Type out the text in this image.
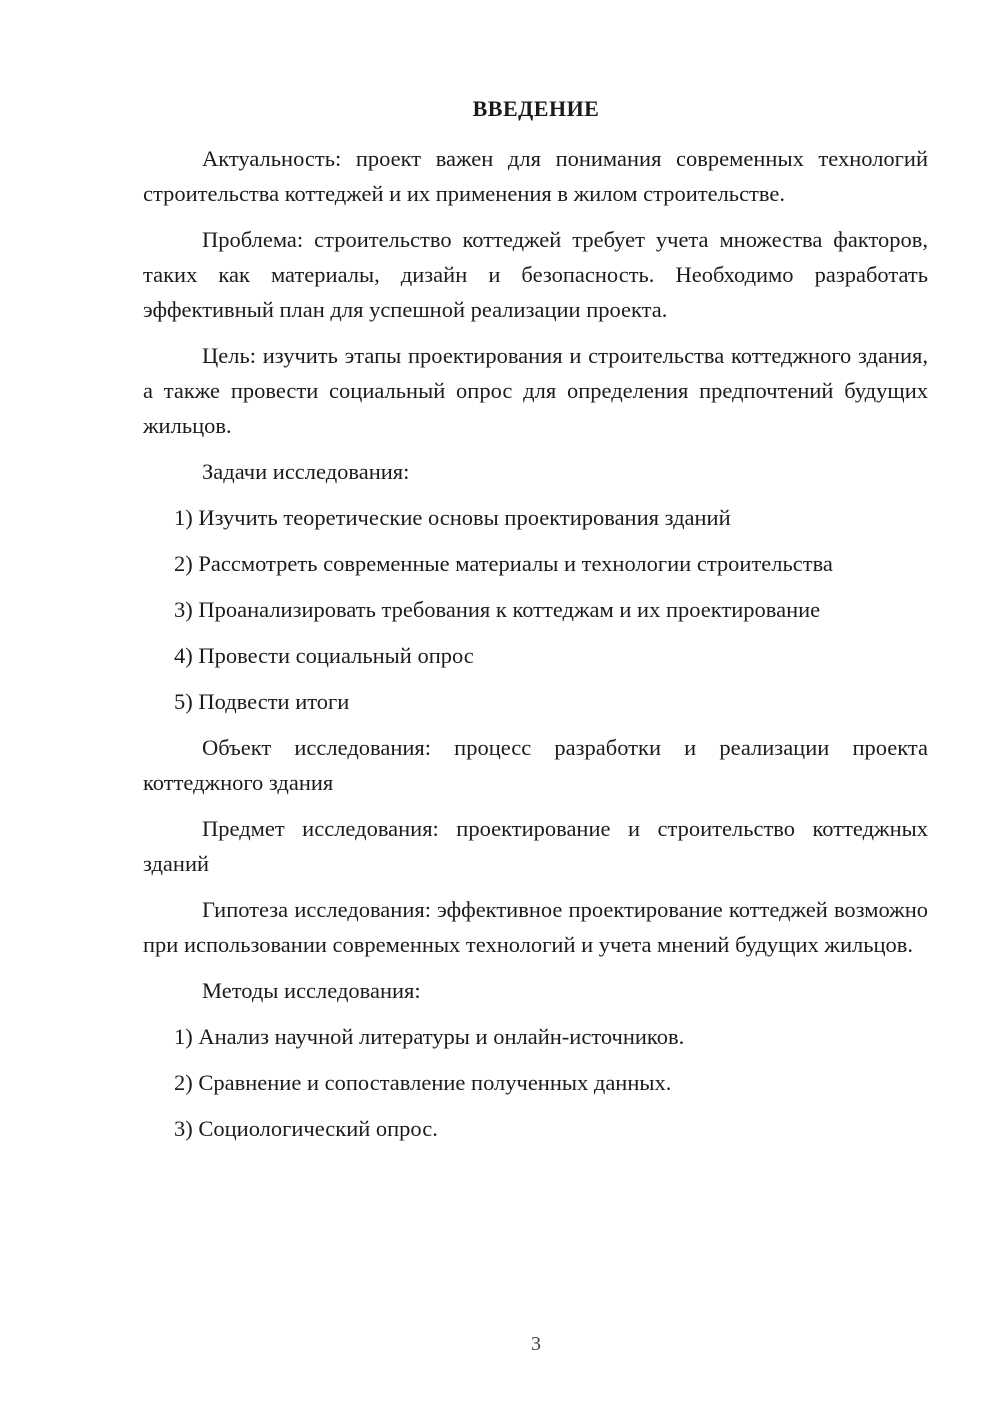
ВВЕДЕНИЕ

Актуальность: проект важен для понимания современных технологий строительства коттеджей и их применения в жилом строительстве.

Проблема: строительство коттеджей требует учета множества факторов, таких как материалы, дизайн и безопасность. Необходимо разработать эффективный план для успешной реализации проекта.

Цель: изучить этапы проектирования и строительства коттеджного здания, а также провести социальный опрос для определения предпочтений будущих жильцов.

Задачи исследования:

1) Изучить теоретические основы проектирования зданий
2) Рассмотреть современные материалы и технологии строительства
3) Проанализировать требования к коттеджам и их проектирование
4) Провести социальный опрос
5) Подвести итоги

Объект исследования: процесс разработки и реализации проекта коттеджного здания

Предмет исследования: проектирование и строительство коттеджных зданий

Гипотеза исследования: эффективное проектирование коттеджей возможно при использовании современных технологий и учета мнений будущих жильцов.

Методы исследования:

1) Анализ научной литературы и онлайн-источников.
2) Сравнение и сопоставление полученных данных.
3) Социологический опрос.
3
